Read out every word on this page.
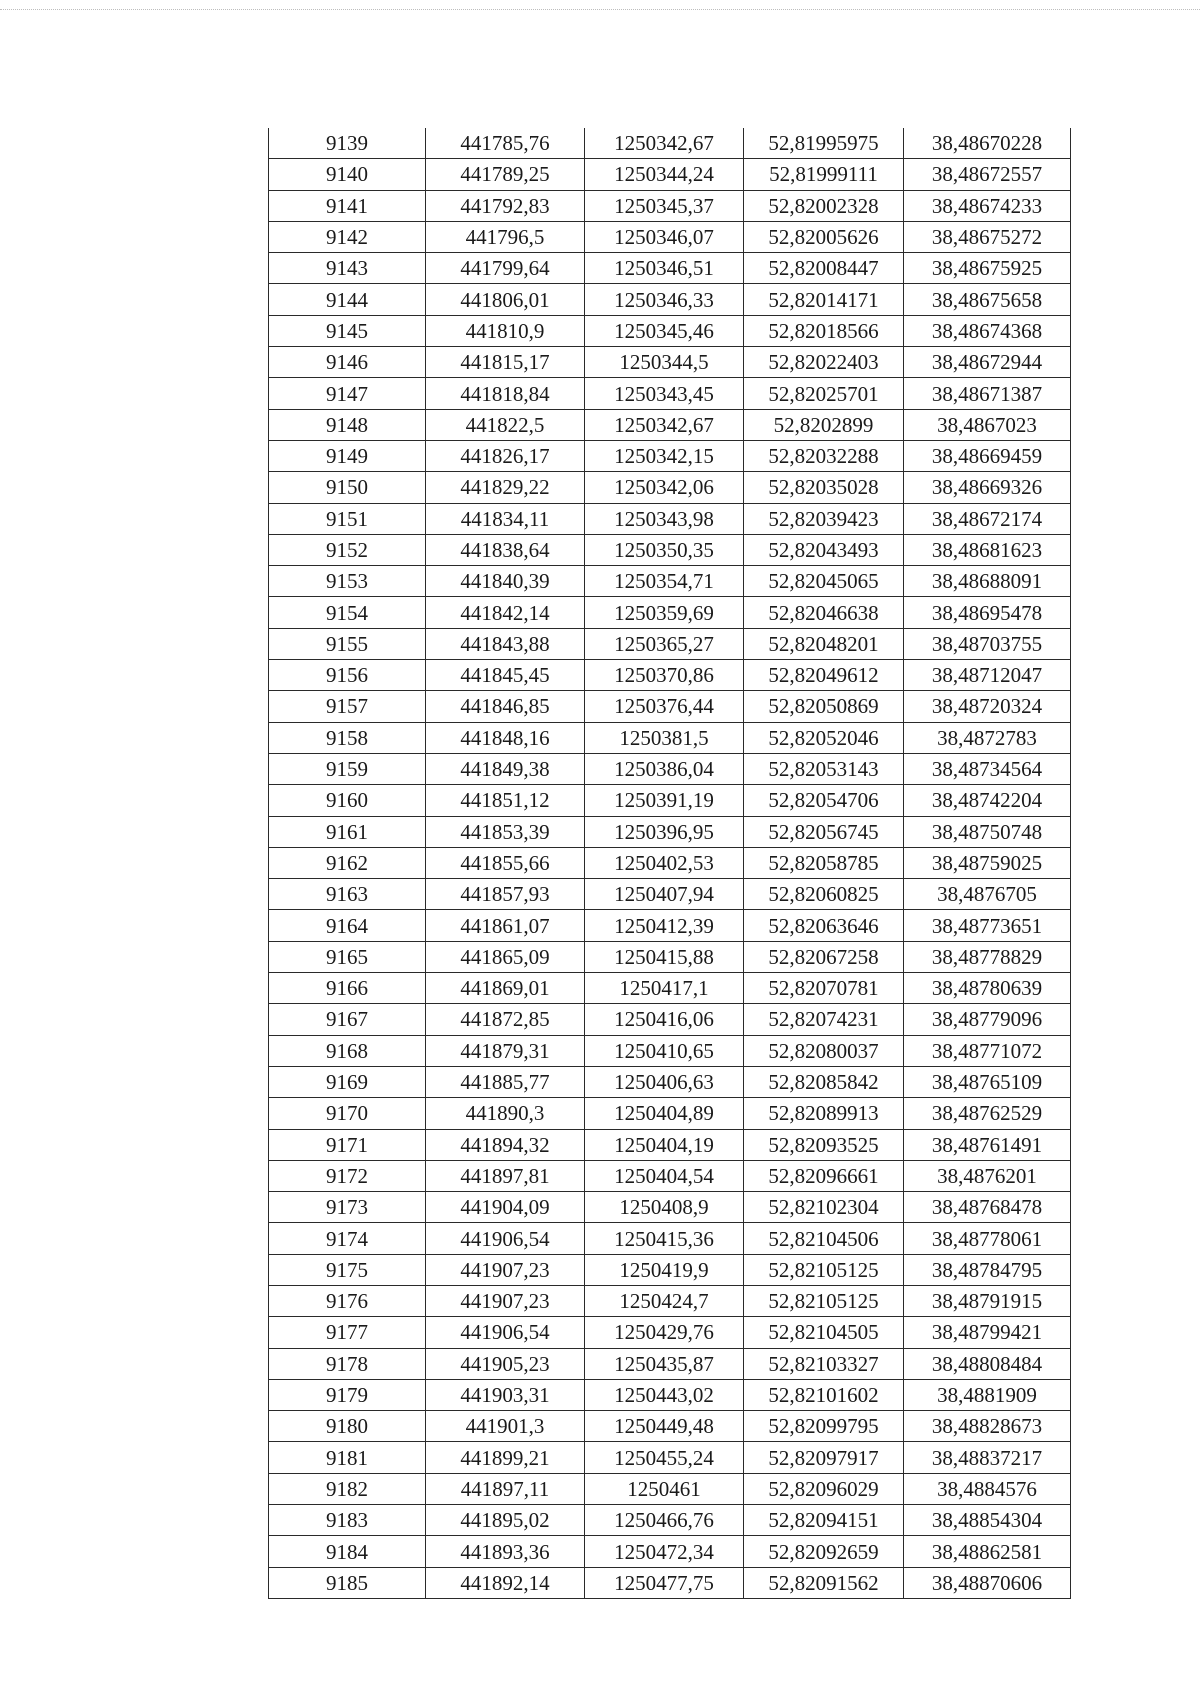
9139	441785,76	1250342,67	52,81995975	38,48670228
9140	441789,25	1250344,24	52,81999111	38,48672557
9141	441792,83	1250345,37	52,82002328	38,48674233
9142	441796,5	1250346,07	52,82005626	38,48675272
9143	441799,64	1250346,51	52,82008447	38,48675925
9144	441806,01	1250346,33	52,82014171	38,48675658
9145	441810,9	1250345,46	52,82018566	38,48674368
9146	441815,17	1250344,5	52,82022403	38,48672944
9147	441818,84	1250343,45	52,82025701	38,48671387
9148	441822,5	1250342,67	52,8202899	38,4867023
9149	441826,17	1250342,15	52,82032288	38,48669459
9150	441829,22	1250342,06	52,82035028	38,48669326
9151	441834,11	1250343,98	52,82039423	38,48672174
9152	441838,64	1250350,35	52,82043493	38,48681623
9153	441840,39	1250354,71	52,82045065	38,48688091
9154	441842,14	1250359,69	52,82046638	38,48695478
9155	441843,88	1250365,27	52,82048201	38,48703755
9156	441845,45	1250370,86	52,82049612	38,48712047
9157	441846,85	1250376,44	52,82050869	38,48720324
9158	441848,16	1250381,5	52,82052046	38,4872783
9159	441849,38	1250386,04	52,82053143	38,48734564
9160	441851,12	1250391,19	52,82054706	38,48742204
9161	441853,39	1250396,95	52,82056745	38,48750748
9162	441855,66	1250402,53	52,82058785	38,48759025
9163	441857,93	1250407,94	52,82060825	38,4876705
9164	441861,07	1250412,39	52,82063646	38,48773651
9165	441865,09	1250415,88	52,82067258	38,48778829
9166	441869,01	1250417,1	52,82070781	38,48780639
9167	441872,85	1250416,06	52,82074231	38,48779096
9168	441879,31	1250410,65	52,82080037	38,48771072
9169	441885,77	1250406,63	52,82085842	38,48765109
9170	441890,3	1250404,89	52,82089913	38,48762529
9171	441894,32	1250404,19	52,82093525	38,48761491
9172	441897,81	1250404,54	52,82096661	38,4876201
9173	441904,09	1250408,9	52,82102304	38,48768478
9174	441906,54	1250415,36	52,82104506	38,48778061
9175	441907,23	1250419,9	52,82105125	38,48784795
9176	441907,23	1250424,7	52,82105125	38,48791915
9177	441906,54	1250429,76	52,82104505	38,48799421
9178	441905,23	1250435,87	52,82103327	38,48808484
9179	441903,31	1250443,02	52,82101602	38,4881909
9180	441901,3	1250449,48	52,82099795	38,48828673
9181	441899,21	1250455,24	52,82097917	38,48837217
9182	441897,11	1250461	52,82096029	38,4884576
9183	441895,02	1250466,76	52,82094151	38,48854304
9184	441893,36	1250472,34	52,82092659	38,48862581
9185	441892,14	1250477,75	52,82091562	38,48870606
